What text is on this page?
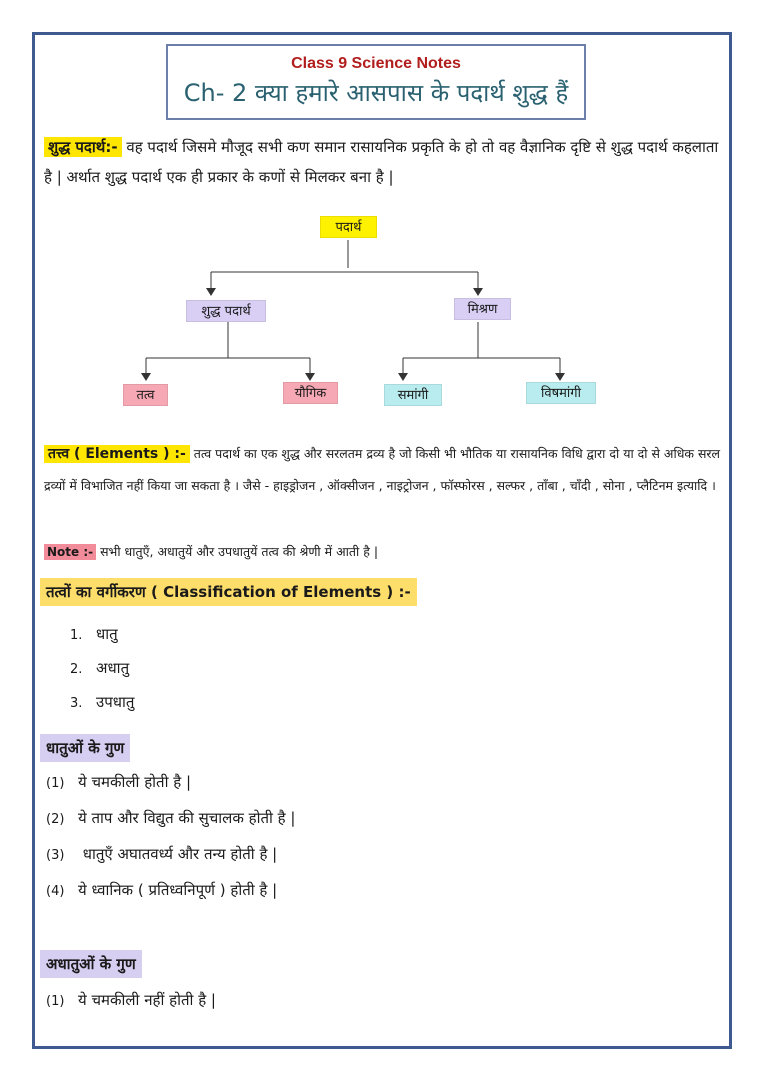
Class 9 Science Notes
Ch- 2 क्या हमारे आसपास के पदार्थ शुद्ध हैं
शुद्ध पदार्थ:- वह पदार्थ जिसमे मौजूद सभी कण समान रासायनिक प्रकृति के हो तो वह वैज्ञानिक दृष्टि से शुद्ध पदार्थ कहलाता है | अर्थात शुद्ध पदार्थ एक ही प्रकार के कणों से मिलकर बना है |
पदार्थ
शुद्ध पदार्थ	मिश्रण
तत्व	यौगिक	समांगी	विषमांगी
तत्त्व ( Elements ) :- तत्व पदार्थ का एक शुद्ध और सरलतम द्रव्य है जो किसी भी भौतिक या रासायनिक विधि द्वारा दो या दो से अधिक सरल द्रव्यों में विभाजित नहीं किया जा सकता है । जैसे - हाइड्रोजन , ऑक्सीजन , नाइट्रोजन , फॉस्फोरस , सल्फर , ताँबा , चाँदी , सोना , प्लैटिनम इत्यादि ।
Note :- सभी धातुएँ, अधातुयें और उपधातुयें तत्व की श्रेणी में आती है |
तत्वों का वर्गीकरण ( Classification of Elements ) :-
1. धातु
2. अधातु
3. उपधातु
धातुओं के गुण
(1) ये चमकीली होती है |
(2) ये ताप और विद्युत की सुचालक होती है |
(3) धातुएँ अघातवर्ध्य और तन्य होती है |
(4) ये ध्वानिक ( प्रतिध्वनिपूर्ण ) होती है |
अधातुओं के गुण
(1) ये चमकीली नहीं होती है |
